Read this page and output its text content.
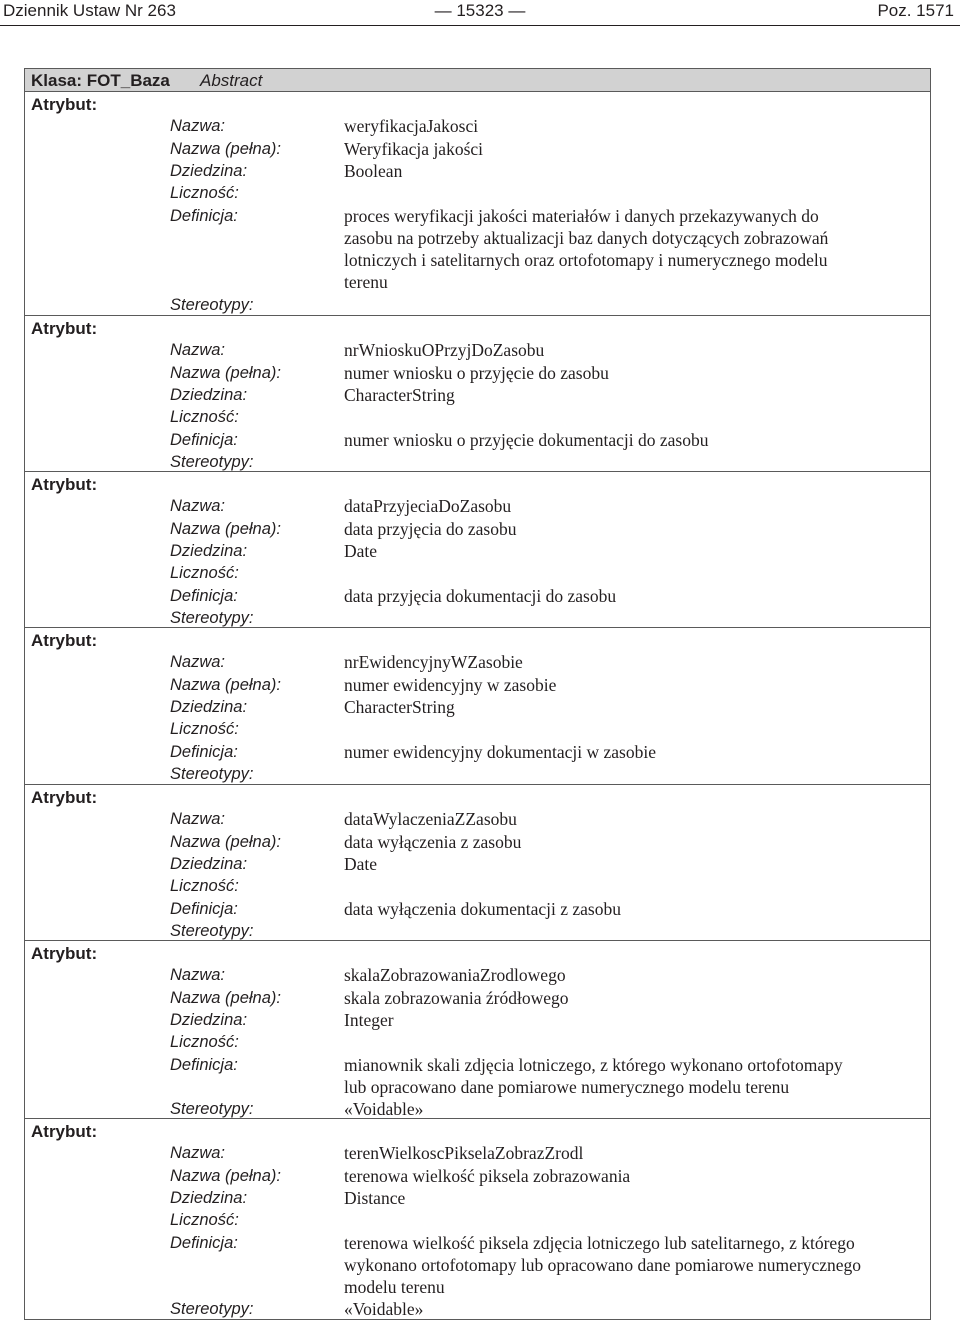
Dziennik Ustaw Nr 263	— 15323 —	Poz. 1571
Klasa: FOT_Baza Abstract
Atrybut:
Nazwa:	weryfikacjaJakosci
Nazwa (pełna):	Weryfikacja jakości
Dziedzina:	Boolean
Liczność:
Definicja:	proces weryfikacji jakości materiałów i danych przekazywanych do
zasobu na potrzeby aktualizacji baz danych dotyczących zobrazowań
lotniczych i satelitarnych oraz ortofotomapy i numerycznego modelu
terenu
Stereotypy:
Atrybut:
Nazwa:	nrWnioskuOPrzyjDoZasobu
Nazwa (pełna):	numer wniosku o przyjęcie do zasobu
Dziedzina:	CharacterString
Liczność:
Definicja:	numer wniosku o przyjęcie dokumentacji do zasobu
Stereotypy:
Atrybut:
Nazwa:	dataPrzyjeciaDoZasobu
Nazwa (pełna):	data przyjęcia do zasobu
Dziedzina:	Date
Liczność:
Definicja:	data przyjęcia dokumentacji do zasobu
Stereotypy:
Atrybut:
Nazwa:	nrEwidencyjnyWZasobie
Nazwa (pełna):	numer ewidencyjny w zasobie
Dziedzina:	CharacterString
Liczność:
Definicja:	numer ewidencyjny dokumentacji w zasobie
Stereotypy:
Atrybut:
Nazwa:	dataWylaczeniaZZasobu
Nazwa (pełna):	data wyłączenia z zasobu
Dziedzina:	Date
Liczność:
Definicja:	data wyłączenia dokumentacji z zasobu
Stereotypy:
Atrybut:
Nazwa:	skalaZobrazowaniaZrodlowego
Nazwa (pełna):	skala zobrazowania źródłowego
Dziedzina:	Integer
Liczność:
Definicja:	mianownik skali zdjęcia lotniczego, z którego wykonano ortofotomapy
lub opracowano dane pomiarowe numerycznego modelu terenu
Stereotypy:	«Voidable»
Atrybut:
Nazwa:	terenWielkoscPikselaZobrazZrodl
Nazwa (pełna):	terenowa wielkość piksela zobrazowania
Dziedzina:	Distance
Liczność:
Definicja:	terenowa wielkość piksela zdjęcia lotniczego lub satelitarnego, z którego
wykonano ortofotomapy lub opracowano dane pomiarowe numerycznego
modelu terenu
Stereotypy:	«Voidable»
